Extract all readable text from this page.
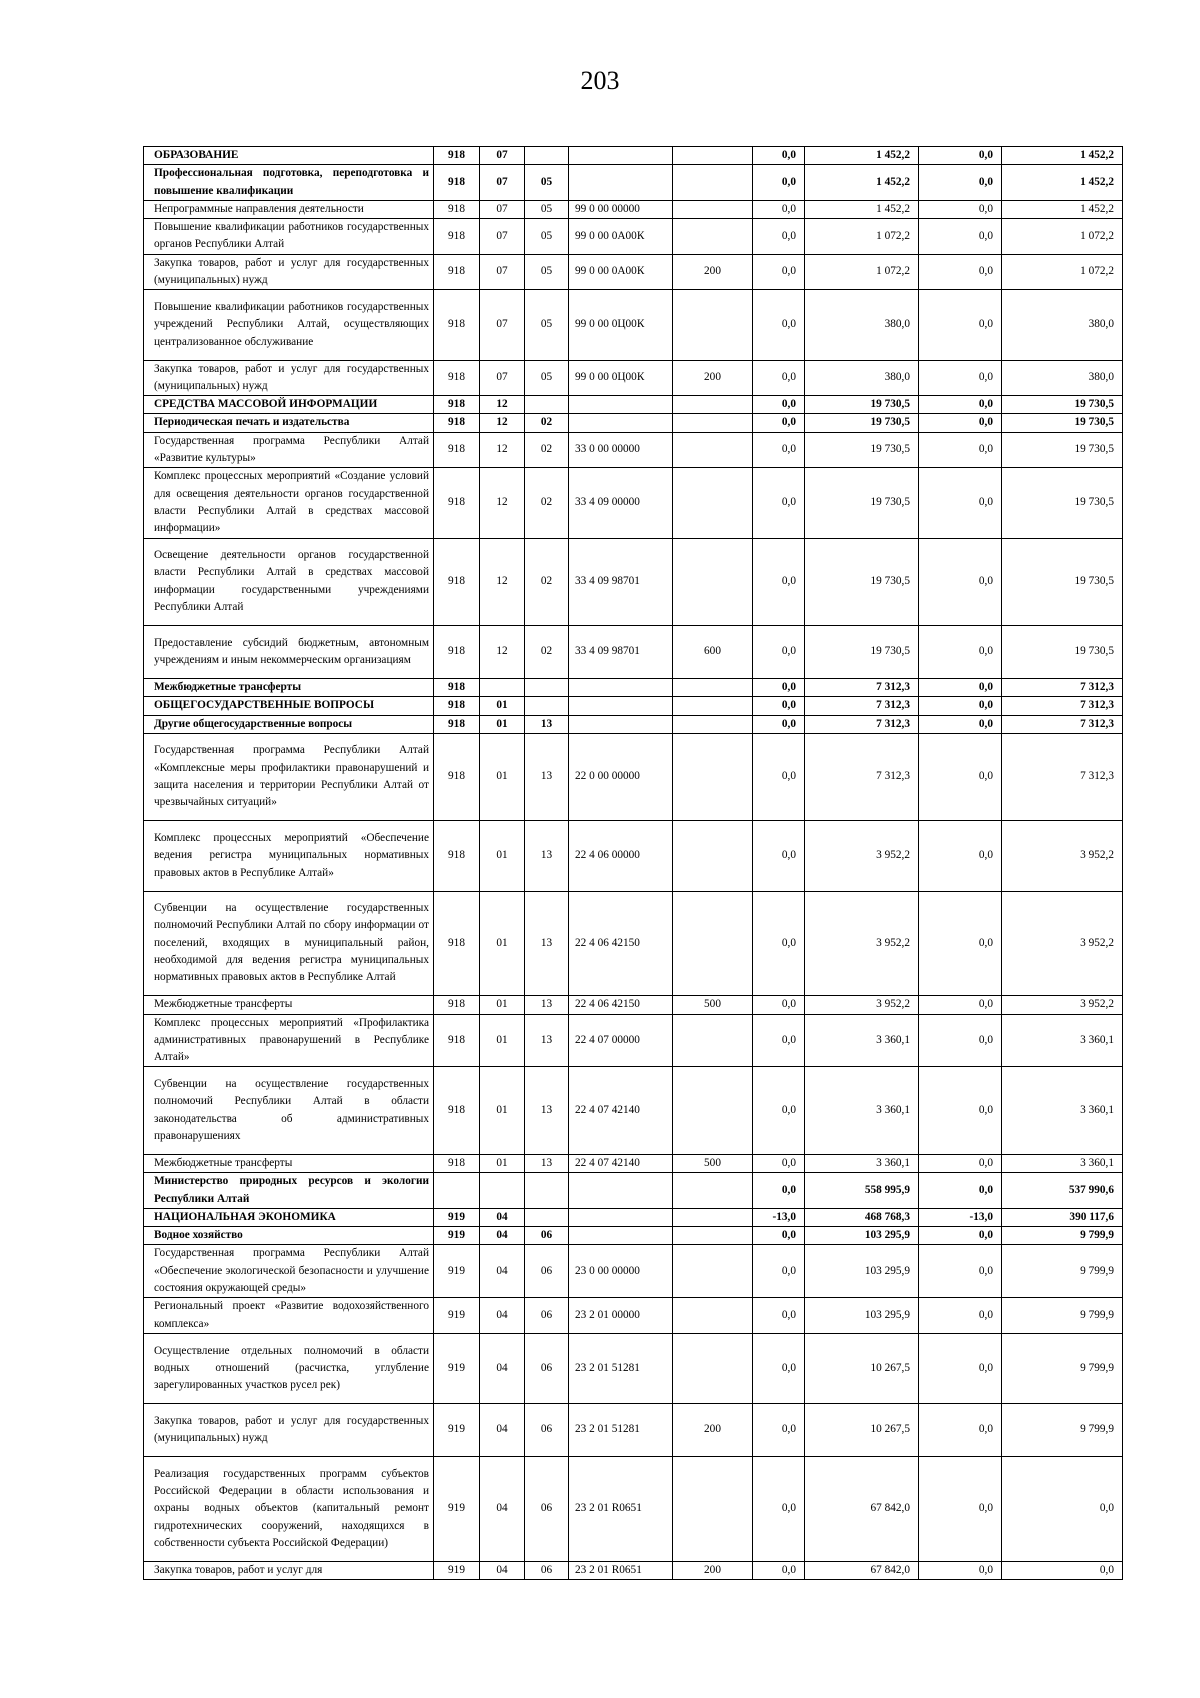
203
ОБРАЗОВАНИЕ	918	07				0,0	1 452,2	0,0	1 452,2
Профессиональная подготовка, переподготовка и повышение квалификации	918	07	05			0,0	1 452,2	0,0	1 452,2
Непрограммные направления деятельности	918	07	05	99 0 00 00000		0,0	1 452,2	0,0	1 452,2
Повышение квалификации работников государственных органов Республики Алтай	918	07	05	99 0 00 0А00К		0,0	1 072,2	0,0	1 072,2
Закупка товаров, работ и услуг для государственных (муниципальных) нужд	918	07	05	99 0 00 0А00К	200	0,0	1 072,2	0,0	1 072,2
Повышение квалификации работников государственных учреждений Республики Алтай, осуществляющих централизованное обслуживание	918	07	05	99 0 00 0Ц00К		0,0	380,0	0,0	380,0
Закупка товаров, работ и услуг для государственных (муниципальных) нужд	918	07	05	99 0 00 0Ц00К	200	0,0	380,0	0,0	380,0
СРЕДСТВА МАССОВОЙ ИНФОРМАЦИИ	918	12				0,0	19 730,5	0,0	19 730,5
Периодическая печать и издательства	918	12	02			0,0	19 730,5	0,0	19 730,5
Государственная программа Республики Алтай «Развитие культуры»	918	12	02	33 0 00 00000		0,0	19 730,5	0,0	19 730,5
Комплекс процессных мероприятий «Создание условий для освещения деятельности органов государственной власти Республики Алтай в средствах массовой информации»	918	12	02	33 4 09 00000		0,0	19 730,5	0,0	19 730,5
Освещение деятельности органов государственной власти Республики Алтай в средствах массовой информации государственными учреждениями Республики Алтай	918	12	02	33 4 09 98701		0,0	19 730,5	0,0	19 730,5
Предоставление субсидий бюджетным, автономным учреждениям и иным некоммерческим организациям	918	12	02	33 4 09 98701	600	0,0	19 730,5	0,0	19 730,5
Межбюджетные трансферты	918					0,0	7 312,3	0,0	7 312,3
ОБЩЕГОСУДАРСТВЕННЫЕ ВОПРОСЫ	918	01				0,0	7 312,3	0,0	7 312,3
Другие общегосударственные вопросы	918	01	13			0,0	7 312,3	0,0	7 312,3
Государственная программа Республики Алтай «Комплексные меры профилактики правонарушений и защита населения и территории Республики Алтай от чрезвычайных ситуаций»	918	01	13	22 0 00 00000		0,0	7 312,3	0,0	7 312,3
Комплекс процессных мероприятий «Обеспечение ведения регистра муниципальных нормативных правовых актов в Республике Алтай»	918	01	13	22 4 06 00000		0,0	3 952,2	0,0	3 952,2
Субвенции на осуществление государственных полномочий Республики Алтай по сбору информации от поселений, входящих в муниципальный район, необходимой для ведения регистра муниципальных нормативных правовых актов в Республике Алтай	918	01	13	22 4 06 42150		0,0	3 952,2	0,0	3 952,2
Межбюджетные трансферты	918	01	13	22 4 06 42150	500	0,0	3 952,2	0,0	3 952,2
Комплекс процессных мероприятий «Профилактика административных правонарушений в Республике Алтай»	918	01	13	22 4 07 00000		0,0	3 360,1	0,0	3 360,1
Субвенции на осуществление государственных полномочий Республики Алтай в области законодательства об административных правонарушениях	918	01	13	22 4 07 42140		0,0	3 360,1	0,0	3 360,1
Межбюджетные трансферты	918	01	13	22 4 07 42140	500	0,0	3 360,1	0,0	3 360,1
Министерство природных ресурсов и экологии Республики Алтай						0,0	558 995,9	0,0	537 990,6
НАЦИОНАЛЬНАЯ ЭКОНОМИКА	919	04				-13,0	468 768,3	-13,0	390 117,6
Водное хозяйство	919	04	06			0,0	103 295,9	0,0	9 799,9
Государственная программа Республики Алтай «Обеспечение экологической безопасности и улучшение состояния окружающей среды»	919	04	06	23 0 00 00000		0,0	103 295,9	0,0	9 799,9
Региональный проект «Развитие водохозяйственного комплекса»	919	04	06	23 2 01 00000		0,0	103 295,9	0,0	9 799,9
Осуществление отдельных полномочий в области водных отношений (расчистка, углубление зарегулированных участков русел рек)	919	04	06	23 2 01 51281		0,0	10 267,5	0,0	9 799,9
Закупка товаров, работ и услуг для государственных (муниципальных) нужд	919	04	06	23 2 01 51281	200	0,0	10 267,5	0,0	9 799,9
Реализация государственных программ субъектов Российской Федерации в области использования и охраны водных объектов (капитальный ремонт гидротехнических сооружений, находящихся в собственности субъекта Российской Федерации)	919	04	06	23 2 01 R0651		0,0	67 842,0	0,0	0,0
Закупка товаров, работ и услуг для	919	04	06	23 2 01 R0651	200	0,0	67 842,0	0,0	0,0
